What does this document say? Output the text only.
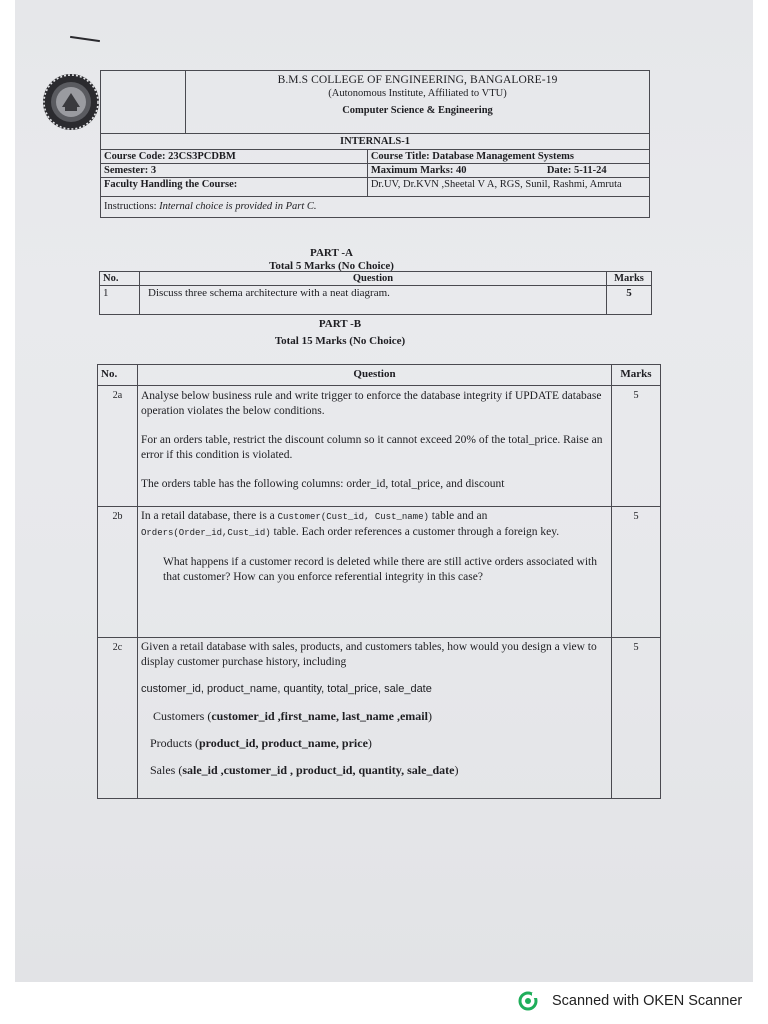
	B.M.S COLLEGE OF ENGINEERING, BANGALORE-19
(Autonomous Institute, Affiliated to VTU)
Computer Science & Engineering		

INTERNALS-1			
Course Code: 23CS3PCDBM		Course Title: Database Management Systems	
Semester: 3		Maximum Marks: 40	Date: 5-11-24
Faculty Handling the Course:		Dr.UV, Dr.KVN ,Sheetal V A, RGS, Sunil, Rashmi, Amruta	
Instructions: Internal choice is provided in Part C.			
PART -A
Total 5 Marks (No Choice)
No.	Question	Marks
1	Discuss three schema architecture with a neat diagram.	5
PART -B
Total 15 Marks (No Choice)
No.	Question	Marks
2a	Analyse below business rule and write trigger to enforce the database integrity if UPDATE database operation violates the below conditions.

For an orders table, restrict the discount column so it cannot exceed 20% of the total_price. Raise an error if this condition is violated.

The orders table has the following columns: order_id, total_price, and discount	5
2b	In a retail database, there is a Customer(Cust_id, Cust_name) table and an Orders(Order_id,Cust_id) table. Each order references a customer through a foreign key.

What happens if a customer record is deleted while there are still active orders associated with that customer? How can you enforce referential integrity in this case?	5
2c	Given a retail database with sales, products, and customers tables, how would you design a view to display customer purchase history, including

customer_id, product_name, quantity, total_price, sale_date

Customers (customer_id ,first_name, last_name ,email)

Products (product_id, product_name, price)

Sales (sale_id ,customer_id , product_id, quantity, sale_date)	5
Scanned with OKEN Scanner
